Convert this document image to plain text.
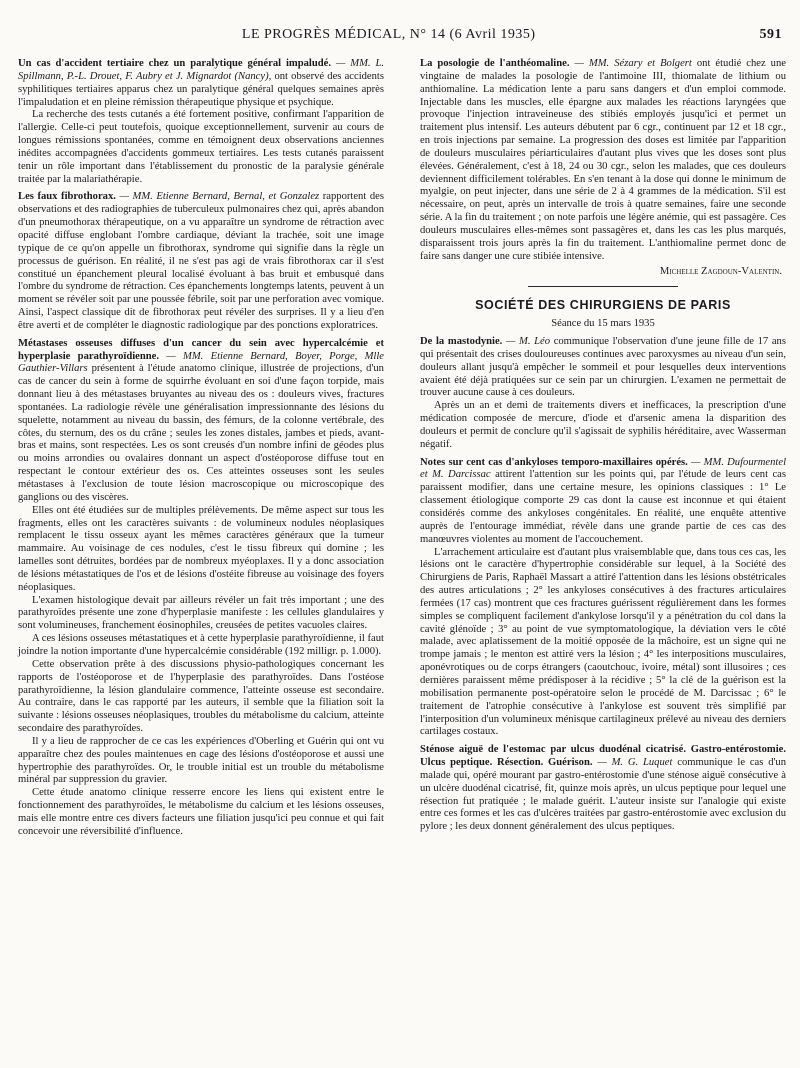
LE PROGRÈS MÉDICAL, N° 14 (6 Avril 1935)	591

Un cas d'accident tertiaire chez un paralytique général impaludé. — MM. L. Spillmann, P.-L. Drouet, F. Aubry et J. Mignardot (Nancy), ont observé des accidents syphilitiques tertiaires apparus chez un paralytique général quelques semaines après l'impaludation et en pleine rémission thérapeutique physique et psychique.

La recherche des tests cutanés a été fortement positive, confirmant l'apparition de l'allergie. Celle-ci peut toutefois, quoique exceptionnellement, survenir au cours de longues rémissions spontanées, comme en témoignent deux observations anciennes inédites accompagnées d'accidents gommeux tertiaires. Les tests cutanés paraissent tenir un rôle important dans l'établissement du pronostic de la paralysie générale traitée par la malariathérapie.

Les faux fibrothorax. — MM. Etienne Bernard, Bernal, et Gonzalez rapportent des observations et des radiographies de tuberculeux pulmonaires chez qui, après abandon d'un pneumothorax thérapeutique, on a vu apparaître un syndrome de rétraction avec opacité diffuse englobant l'ombre cardiaque, déviant la trachée, soit une image typique de ce qu'on appelle un fibrothorax, syndrome qui signifie dans la règle un processus de guérison. En réalité, il ne s'est pas agi de vrais fibrothorax car il s'est constitué un épanchement pleural localisé évoluant à bas bruit et embusqué dans l'ombre du syndrome de rétraction. Ces épanchements longtemps latents, peuvent à un moment se révéler soit par une poussée fébrile, soit par une perforation avec vomique. Ainsi, l'aspect classique dit de fibrothorax peut révéler des surprises. Il y a lieu d'en être averti et de compléter le diagnostic radiologique par des ponctions exploratrices.

Métastases osseuses diffuses d'un cancer du sein avec hypercalcémie et hyperplasie parathyroïdienne. — MM. Etienne Bernard, Boyer, Porge, Mlle Gauthier-Villars présentent à l'étude anatomo clinique, illustrée de projections, d'un cas de cancer du sein à forme de squirrhe évoluant en soi d'une façon torpide, mais donnant lieu à des métastases bruyantes au niveau des os : douleurs vives, fractures spontanées. La radiologie révèle une généralisation impressionnante des lésions du squelette, notamment au niveau du bassin, des fémurs, de la colonne vertébrale, des côtes, du sternum, des os du crâne ; seules les zones distales, jambes et pieds, avant-bras et mains, sont respectées. Les os sont creusés d'un nombre infini de géodes plus ou moins arrondies ou ovalaires donnant un aspect d'ostéoporose diffuse tout en respectant le contour extérieur des os. Ces atteintes osseuses sont les seules métastases à l'exclusion de toute lésion macroscopique ou microscopique des ganglions ou des viscères.

Elles ont été étudiées sur de multiples prélèvements. De même aspect sur tous les fragments, elles ont les caractères suivants : de volumineux nodules néoplasiques remplacent le tissu osseux ayant les mêmes caractères généraux que la tumeur mammaire. Au voisinage de ces nodules, c'est le tissu fibreux qui domine ; les lamelles sont détruites, bordées par de nombreux myéoplaxes. Il y a donc association de lésions métastatiques de l'os et de lésions d'ostéite fibreuse au voisinage des foyers néoplasiques.

L'examen histologique devait par ailleurs révéler un fait très important ; une des parathyroïdes présente une zone d'hyperplasie manifeste : les cellules glandulaires y sont volumineuses, franchement éosinophiles, creusées de petites vacuoles claires.

A ces lésions osseuses métastatiques et à cette hyperplasie parathyroïdienne, il faut joindre la notion importante d'une hypercalcémie considérable (192 milligr. p. 1.000).

Cette observation prête à des discussions physio-pathologiques concernant les rapports de l'ostéoporose et de l'hyperplasie des parathyroïdes. Dans l'ostéose parathyroïdienne, la lésion glandulaire commence, l'atteinte osseuse est secondaire. Au contraire, dans le cas rapporté par les auteurs, il semble que la filiation soit la suivante : lésions osseuses néoplasiques, troubles du métabolisme du calcium, atteinte secondaire des parathyroïdes.

Il y a lieu de rapprocher de ce cas les expériences d'Oberling et Guérin qui ont vu apparaître chez des poules maintenues en cage des lésions d'ostéoporose et aussi une hypertrophie des parathyroïdes. Or, le trouble initial est un trouble du métabolisme minéral par suppression du gravier.

Cette étude anatomo clinique resserre encore les liens qui existent entre le fonctionnement des parathyroïdes, le métabolisme du calcium et les lésions osseuses, mais elle montre entre ces divers facteurs une filiation jusqu'ici peu connue et qui fait concevoir une réversibilité d'influence.

La posologie de l'anthéomaline. — MM. Sézary et Bolgert ont étudié chez une vingtaine de malades la posologie de l'antimoine III, thiomalate de lithium ou anthiomaline. La médication lente a paru sans dangers et d'un emploi commode. Injectable dans les muscles, elle épargne aux malades les réactions laryngées que provoque l'injection intraveineuse des stibiés employés jusqu'ici et permet un traitement plus intensif. Les auteurs débutent par 6 cgr., continuent par 12 et 18 cgr., en trois injections par semaine. La progression des doses est limitée par l'apparition de douleurs musculaires périarticulaires d'autant plus vives que les doses sont plus élevées. Généralement, c'est à 18, 24 ou 30 cgr., selon les malades, que ces douleurs deviennent difficilement tolérables. En s'en tenant à la dose qui donne le minimum de myalgie, on peut injecter, dans une série de 2 à 4 grammes de la médication. S'il est nécessaire, on peut, après un intervalle de trois à quatre semaines, faire une seconde série. A la fin du traitement ; on note parfois une légère anémie, qui est passagère. Ces douleurs musculaires elles-mêmes sont passagères et, dans les cas les plus marqués, disparaissent trois jours après la fin du traitement. L'anthiomaline permet donc de faire sans danger une cure stibiée intensive.

Michelle Zagdoun-Valentin.
SOCIÉTÉ DES CHIRURGIENS DE PARIS
Séance du 15 mars 1935

De la mastodynie. — M. Léo communique l'observation d'une jeune fille de 17 ans qui présentait des crises douloureuses continues avec paroxysmes au niveau d'un sein, douleurs allant jusqu'à empêcher le sommeil et pour lesquelles deux interventions avaient été déjà pratiquées sur ce sein par un chirurgien. L'examen ne permettait de trouver aucune cause à ces douleurs.

Après un an et demi de traitements divers et inefficaces, la prescription d'une médication composée de mercure, d'iode et d'arsenic amena la disparition des douleurs et permit de conclure qu'il s'agissait de syphilis héréditaire, avec Wasserman négatif.

Notes sur cent cas d'ankyloses temporo-maxillaires opérés. — MM. Dufourmentel et M. Darcissac attirent l'attention sur les points qui, par l'étude de leurs cent cas paraissent modifier, dans une certaine mesure, les opinions classiques : 1° Le classement étiologique comporte 29 cas dont la cause est inconnue et qui étaient considérés comme des ankyloses congénitales. En réalité, une enquête attentive auprès de l'entourage immédiat, révèle dans une grande partie de ces cas des manœuvres violentes au moment de l'accouchement.

L'arrachement articulaire est d'autant plus vraisemblable que, dans tous ces cas, les lésions ont le caractère d'hypertrophie considérable sur lequel, à la Société des Chirurgiens de Paris, Raphaël Massart a attiré l'attention dans les lésions obstétricales des autres articulations ; 2° les ankyloses consécutives à des fractures articulaires fermées (17 cas) montrent que ces fractures guérissent régulièrement dans les formes simples se compliquent facilement d'ankylose lorsqu'il y a pénétration du col dans la cavité glénoïde ; 3° au point de vue symptomatologique, la déviation vers le côté malade, avec aplatissement de la moitié opposée de la mâchoire, est un signe qui ne trompe jamais ; le menton est attiré vers la lésion ; 4° les interpositions musculaires, aponévrotiques ou de corps étrangers (caoutchouc, ivoire, métal) sont illusoires ; ces dernières paraissent même prédisposer à la récidive ; 5° la clé de la guérison est la mobilisation permanente post-opératoire selon le procédé de M. Darcissac ; 6° le traitement de l'atrophie consécutive à l'ankylose est souvent très simplifié par l'interposition d'un volumineux ménisque cartilagineux prélevé au niveau des derniers cartilages costaux.

Sténose aiguë de l'estomac par ulcus duodénal cicatrisé. Gastro-entérostomie. Ulcus peptique. Résection. Guérison. — M. G. Luquet communique le cas d'un malade qui, opéré mourant par gastro-entérostomie d'une sténose aiguë consécutive à un ulcère duodénal cicatrisé, fit, quinze mois après, un ulcus peptique pour lequel une résection fut pratiquée ; le malade guérit. L'auteur insiste sur l'analogie qui existe entre ces formes et les cas d'ulcères traitées par gastro-entérostomie avec exclusion du pylore ; les deux donnent généralement des ulcus peptiques.
